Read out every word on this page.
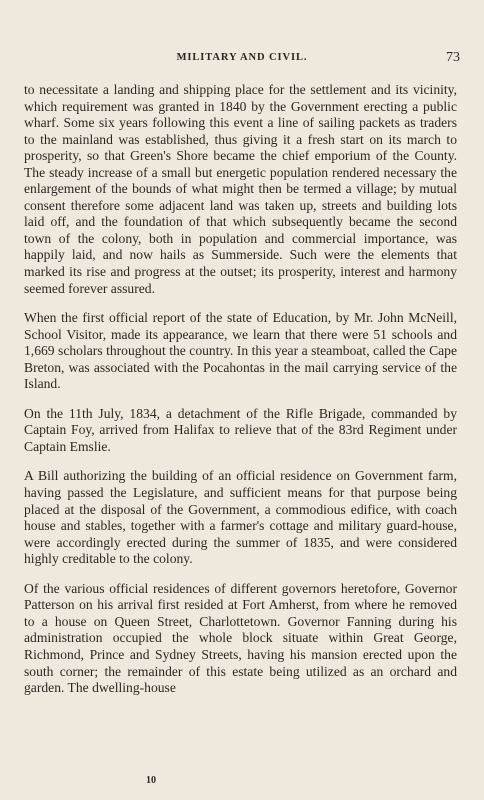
MILITARY AND CIVIL.	73

to necessitate a landing and shipping place for the settlement and its vicinity, which requirement was granted in 1840 by the Government erecting a public wharf. Some six years following this event a line of sailing packets as traders to the mainland was established, thus giving it a fresh start on its march to prosperity, so that Green's Shore became the chief emporium of the County. The steady increase of a small but energetic population rendered necessary the enlargement of the bounds of what might then be termed a village; by mutual consent therefore some adjacent land was taken up, streets and building lots laid off, and the foundation of that which subsequently became the second town of the colony, both in population and commercial importance, was happily laid, and now hails as Summerside. Such were the elements that marked its rise and progress at the outset; its prosperity, interest and harmony seemed forever assured.

When the first official report of the state of Education, by Mr. John McNeill, School Visitor, made its appearance, we learn that there were 51 schools and 1,669 scholars throughout the country. In this year a steamboat, called the Cape Breton, was associated with the Pocahontas in the mail carrying service of the Island.

On the 11th July, 1834, a detachment of the Rifle Brigade, commanded by Captain Foy, arrived from Halifax to relieve that of the 83rd Regiment under Captain Emslie.

A Bill authorizing the building of an official residence on Government farm, having passed the Legislature, and sufficient means for that purpose being placed at the disposal of the Government, a commodious edifice, with coach house and stables, together with a farmer's cottage and military guard-house, were accordingly erected during the summer of 1835, and were considered highly creditable to the colony.

Of the various official residences of different governors heretofore, Governor Patterson on his arrival first resided at Fort Amherst, from where he removed to a house on Queen Street, Charlottetown. Governor Fanning during his administration occupied the whole block situate within Great George, Richmond, Prince and Sydney Streets, having his mansion erected upon the south corner; the remainder of this estate being utilized as an orchard and garden. The dwelling-house

10
